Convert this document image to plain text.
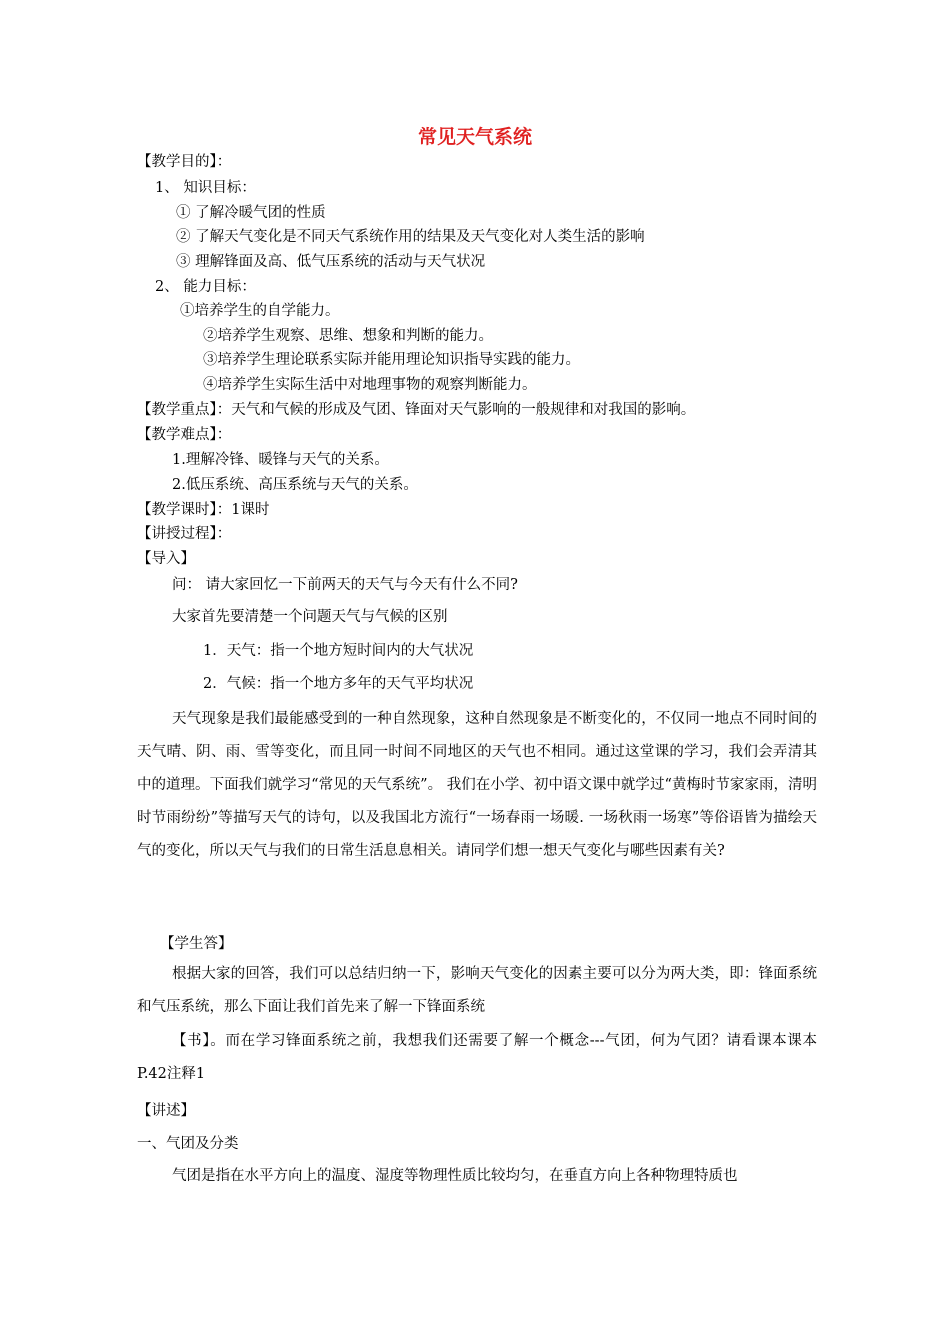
常见天气系统
【教学目的】：
1、 知识目标：
① 了解冷暖气团的性质
② 了解天气变化是不同天气系统作用的结果及天气变化对人类生活的影响
③ 理解锋面及高、低气压系统的活动与天气状况
2、 能力目标：
①培养学生的自学能力。
②培养学生观察、思维、想象和判断的能力。
③培养学生理论联系实际并能用理论知识指导实践的能力。
④培养学生实际生活中对地理事物的观察判断能力。
【教学重点】：天气和气候的形成及气团、锋面对天气影响的一般规律和对我国的影响。
【教学难点】：
1.理解冷锋、暖锋与天气的关系。
2.低压系统、高压系统与天气的关系。
【教学课时】：1课时
【讲授过程】：
【导入】
问： 请大家回忆一下前两天的天气与今天有什么不同?
大家首先要清楚一个问题天气与气候的区别
1．天气：指一个地方短时间内的大气状况
2．气候：指一个地方多年的天气平均状况
天气现象是我们最能感受到的一种自然现象，这种自然现象是不断变化的，不仅同一地点不同时间的天气晴、阴、雨、雪等变化，而且同一时间不同地区的天气也不相同。通过这堂课的学习，我们会弄清其中的道理。下面我们就学习“常见的天气系统”。 我们在小学、初中语文课中就学过“黄梅时节家家雨，清明时节雨纷纷”等描写天气的诗句，以及我国北方流行“一场春雨一场暖. 一场秋雨一场寒”等俗语皆为描绘天气的变化，所以天气与我们的日常生活息息相关。请同学们想一想天气变化与哪些因素有关?
【学生答】
根据大家的回答，我们可以总结归纳一下，影响天气变化的因素主要可以分为两大类，即：锋面系统和气压系统，那么下面让我们首先来了解一下锋面系统
【书】。而在学习锋面系统之前，我想我们还需要了解一个概念---气团，何为气团？请看课本课本P.42注释1
【讲述】
一、气团及分类
气团是指在水平方向上的温度、湿度等物理性质比较均匀，在垂直方向上各种物理特质也
